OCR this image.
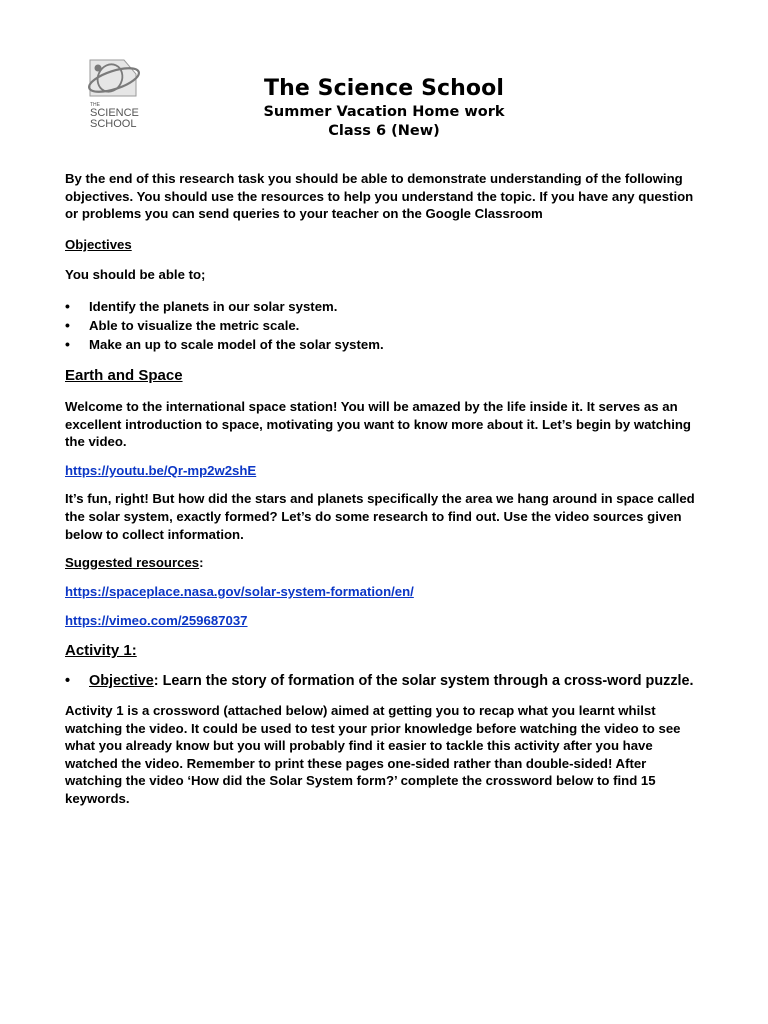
THE
SCIENCE
SCHOOL
The Science School
Summer Vacation Home work
Class 6 (New)

By the end of this research task you should be able to demonstrate understanding of the following objectives. You should use the resources to help you understand the topic. If you have any question or problems you can send queries to your teacher on the Google Classroom

Objectives

You should be able to;

• Identify the planets in our solar system.
• Able to visualize the metric scale.
• Make an up to scale model of the solar system.
Earth and Space

Welcome to the international space station! You will be amazed by the life inside it. It serves as an excellent introduction to space, motivating you want to know more about it. Let’s begin by watching the video.

https://youtu.be/Qr-mp2w2shE

It’s fun, right! But how did the stars and planets specifically the area we hang around in space called the solar system, exactly formed? Let’s do some research to find out. Use the video sources given below to collect information.

Suggested resources:

https://spaceplace.nasa.gov/solar-system-formation/en/

https://vimeo.com/259687037

Activity 1:
• Objective: Learn the story of formation of the solar system through a cross-word puzzle.

Activity 1 is a crossword (attached below) aimed at getting you to recap what you learnt whilst watching the video. It could be used to test your prior knowledge before watching the video to see what you already know but you will probably find it easier to tackle this activity after you have watched the video. Remember to print these pages one-sided rather than double-sided! After watching the video ‘How did the Solar System form?’ complete the crossword below to find 15 keywords.
